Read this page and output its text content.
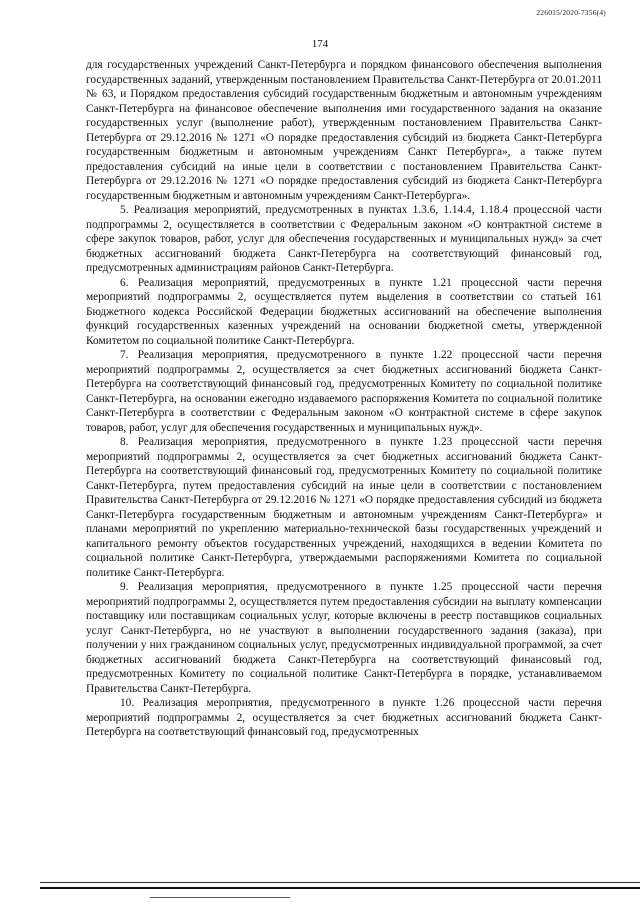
226015/2020-7356(4)
174

для государственных учреждений Санкт-Петербурга и порядком финансового обеспечения выполнения государственных заданий, утвержденным постановлением Правительства Санкт-Петербурга от 20.01.2011 № 63, и Порядком предоставления субсидий государственным бюджетным и автономным учреждениям Санкт-Петербурга на финансовое обеспечение выполнения ими государственного задания на оказание государственных услуг (выполнение работ), утвержденным постановлением Правительства Санкт-Петербурга от 29.12.2016 № 1271 «О порядке предоставления субсидий из бюджета Санкт-Петербурга государственным бюджетным и автономным учреждениям Санкт Петербурга», а также путем предоставления субсидий на иные цели в соответствии с постановлением Правительства Санкт-Петербурга от 29.12.2016 № 1271 «О порядке предоставления субсидий из бюджета Санкт-Петербурга государственным бюджетным и автономным учреждениям Санкт-Петербурга».

5. Реализация мероприятий, предусмотренных в пунктах 1.3.6, 1.14.4, 1.18.4 процессной части подпрограммы 2, осуществляется в соответствии с Федеральным законом «О контрактной системе в сфере закупок товаров, работ, услуг для обеспечения государственных и муниципальных нужд» за счет бюджетных ассигнований бюджета Санкт-Петербурга на соответствующий финансовый год, предусмотренных администрациям районов Санкт-Петербурга.

6. Реализация мероприятий, предусмотренных в пункте 1.21 процессной части перечня мероприятий подпрограммы 2, осуществляется путем выделения в соответствии со статьей 161 Бюджетного кодекса Российской Федерации бюджетных ассигнований на обеспечение выполнения функций государственных казенных учреждений на основании бюджетной сметы, утвержденной Комитетом по социальной политике Санкт-Петербурга.

7. Реализация мероприятия, предусмотренного в пункте 1.22 процессной части перечня мероприятий подпрограммы 2, осуществляется за счет бюджетных ассигнований бюджета Санкт-Петербурга на соответствующий финансовый год, предусмотренных Комитету по социальной политике Санкт-Петербурга, на основании ежегодно издаваемого распоряжения Комитета по социальной политике Санкт-Петербурга в соответствии с Федеральным законом «О контрактной системе в сфере закупок товаров, работ, услуг для обеспечения государственных и муниципальных нужд».

8. Реализация мероприятия, предусмотренного в пункте 1.23 процессной части перечня мероприятий подпрограммы 2, осуществляется за счет бюджетных ассигнований бюджета Санкт-Петербурга на соответствующий финансовый год, предусмотренных Комитету по социальной политике Санкт-Петербурга, путем предоставления субсидий на иные цели в соответствии с постановлением Правительства Санкт-Петербурга от 29.12.2016 № 1271 «О порядке предоставления субсидий из бюджета Санкт-Петербурга государственным бюджетным и автономным учреждениям Санкт-Петербурга» и планами мероприятий по укреплению материально-технической базы государственных учреждений и капитального ремонту объектов государственных учреждений, находящихся в ведении Комитета по социальной политике Санкт-Петербурга, утверждаемыми распоряжениями Комитета по социальной политике Санкт-Петербурга.

9. Реализация мероприятия, предусмотренного в пункте 1.25 процессной части перечня мероприятий подпрограммы 2, осуществляется путем предоставления субсидии на выплату компенсации поставщику или поставщикам социальных услуг, которые включены в реестр поставщиков социальных услуг Санкт-Петербурга, но не участвуют в выполнении государственного задания (заказа), при получении у них гражданином социальных услуг, предусмотренных индивидуальной программой, за счет бюджетных ассигнований бюджета Санкт-Петербурга на соответствующий финансовый год, предусмотренных Комитету по социальной политике Санкт-Петербурга в порядке, устанавливаемом Правительства Санкт-Петербурга.

10. Реализация мероприятия, предусмотренного в пункте 1.26 процессной части перечня мероприятий подпрограммы 2, осуществляется за счет бюджетных ассигнований бюджета Санкт-Петербурга на соответствующий финансовый год, предусмотренных
